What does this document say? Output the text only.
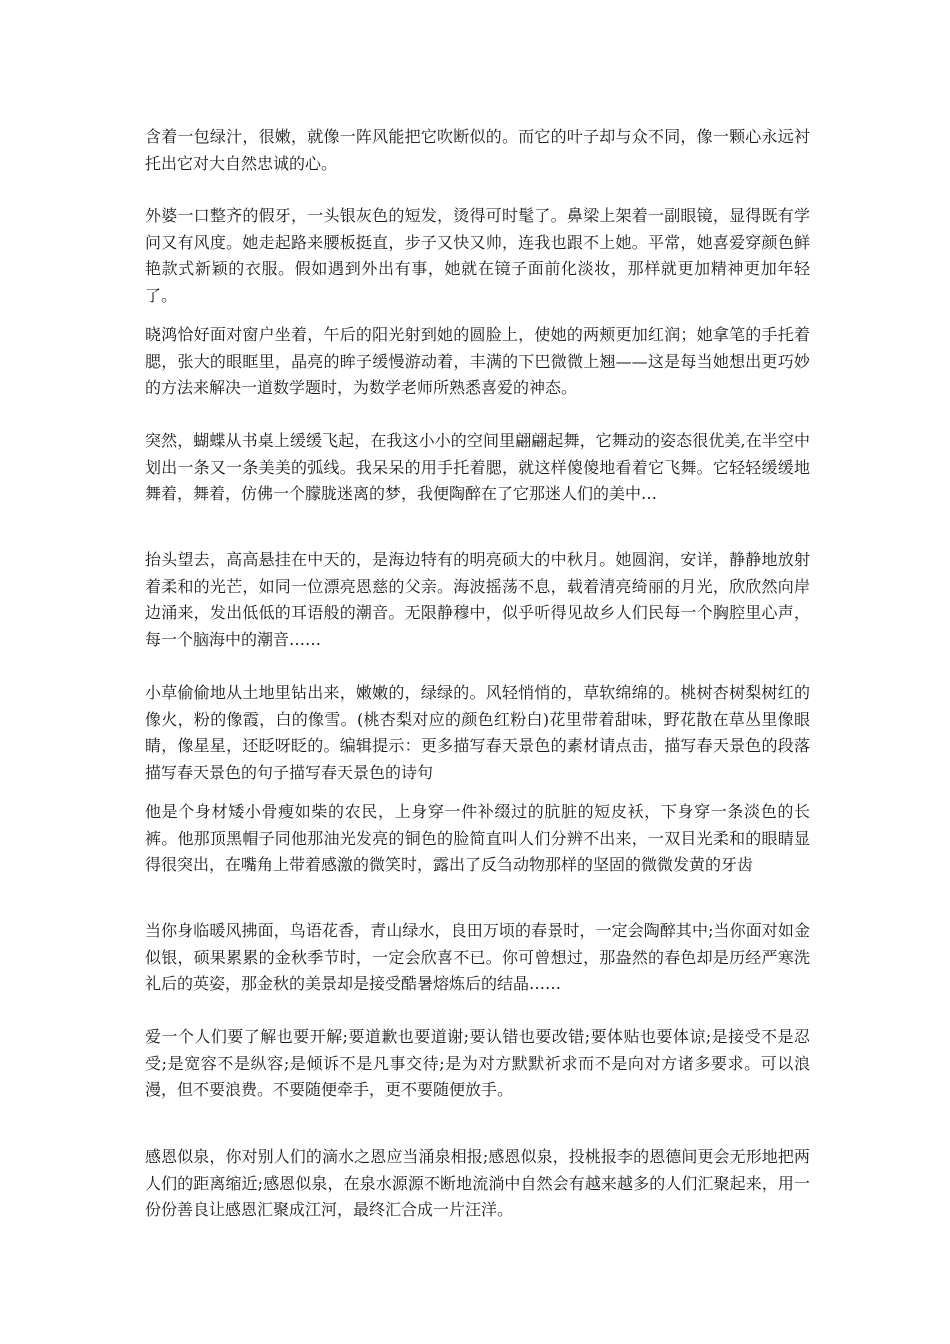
含着一包绿汁，很嫩，就像一阵风能把它吹断似的。而它的叶子却与众不同，像一颗心永远衬托出它对大自然忠诚的心。

外婆一口整齐的假牙，一头银灰色的短发，烫得可时髦了。鼻梁上架着一副眼镜，显得既有学问又有风度。她走起路来腰板挺直，步子又快又帅，连我也跟不上她。平常，她喜爱穿颜色鲜艳款式新颖的衣服。假如遇到外出有事，她就在镜子面前化淡妆，那样就更加精神更加年轻了。

晓鸿恰好面对窗户坐着，午后的阳光射到她的圆脸上，使她的两颊更加红润；她拿笔的手托着腮，张大的眼眶里，晶亮的眸子缓慢游动着，丰满的下巴微微上翘——这是每当她想出更巧妙的方法来解决一道数学题时，为数学老师所熟悉喜爱的神态。

突然，蝴蝶从书桌上缓缓飞起，在我这小小的空间里翩翩起舞，它舞动的姿态很优美,在半空中划出一条又一条美美的弧线。我呆呆的用手托着腮，就这样傻傻地看着它飞舞。它轻轻缓缓地舞着，舞着，仿佛一个朦胧迷离的梦，我便陶醉在了它那迷人们的美中…

抬头望去，高高悬挂在中天的，是海边特有的明亮硕大的中秋月。她圆润，安详，静静地放射着柔和的光芒，如同一位漂亮恩慈的父亲。海波摇荡不息，载着清亮绮丽的月光，欣欣然向岸边涌来，发出低低的耳语般的潮音。无限静穆中，似乎听得见故乡人们民每一个胸腔里心声，每一个脑海中的潮音……

小草偷偷地从土地里钻出来，嫩嫩的，绿绿的。风轻悄悄的，草软绵绵的。桃树杏树梨树红的像火，粉的像霞，白的像雪。(桃杏梨对应的颜色红粉白)花里带着甜味，野花散在草丛里像眼睛，像星星，还眨呀眨的。编辑提示：更多描写春天景色的素材请点击，描写春天景色的段落描写春天景色的句子描写春天景色的诗句

他是个身材矮小骨瘦如柴的农民，上身穿一件补缀过的肮脏的短皮袄，下身穿一条淡色的长裤。他那顶黑帽子同他那油光发亮的铜色的脸简直叫人们分辨不出来，一双目光柔和的眼睛显得很突出，在嘴角上带着感激的微笑时，露出了反刍动物那样的坚固的微微发黄的牙齿

当你身临暖风拂面，鸟语花香，青山绿水，良田万顷的春景时，一定会陶醉其中;当你面对如金似银，硕果累累的金秋季节时，一定会欣喜不已。你可曾想过，那盎然的春色却是历经严寒洗礼后的英姿，那金秋的美景却是接受酷暑熔炼后的结晶……

爱一个人们要了解也要开解;要道歉也要道谢;要认错也要改错;要体贴也要体谅;是接受不是忍受;是宽容不是纵容;是倾诉不是凡事交待;是为对方默默祈求而不是向对方诸多要求。可以浪漫，但不要浪费。不要随便牵手，更不要随便放手。

感恩似泉，你对别人们的滴水之恩应当涌泉相报;感恩似泉，投桃报李的恩德间更会无形地把两人们的距离缩近;感恩似泉，在泉水源源不断地流淌中自然会有越来越多的人们汇聚起来，用一份份善良让感恩汇聚成江河，最终汇合成一片汪洋。
